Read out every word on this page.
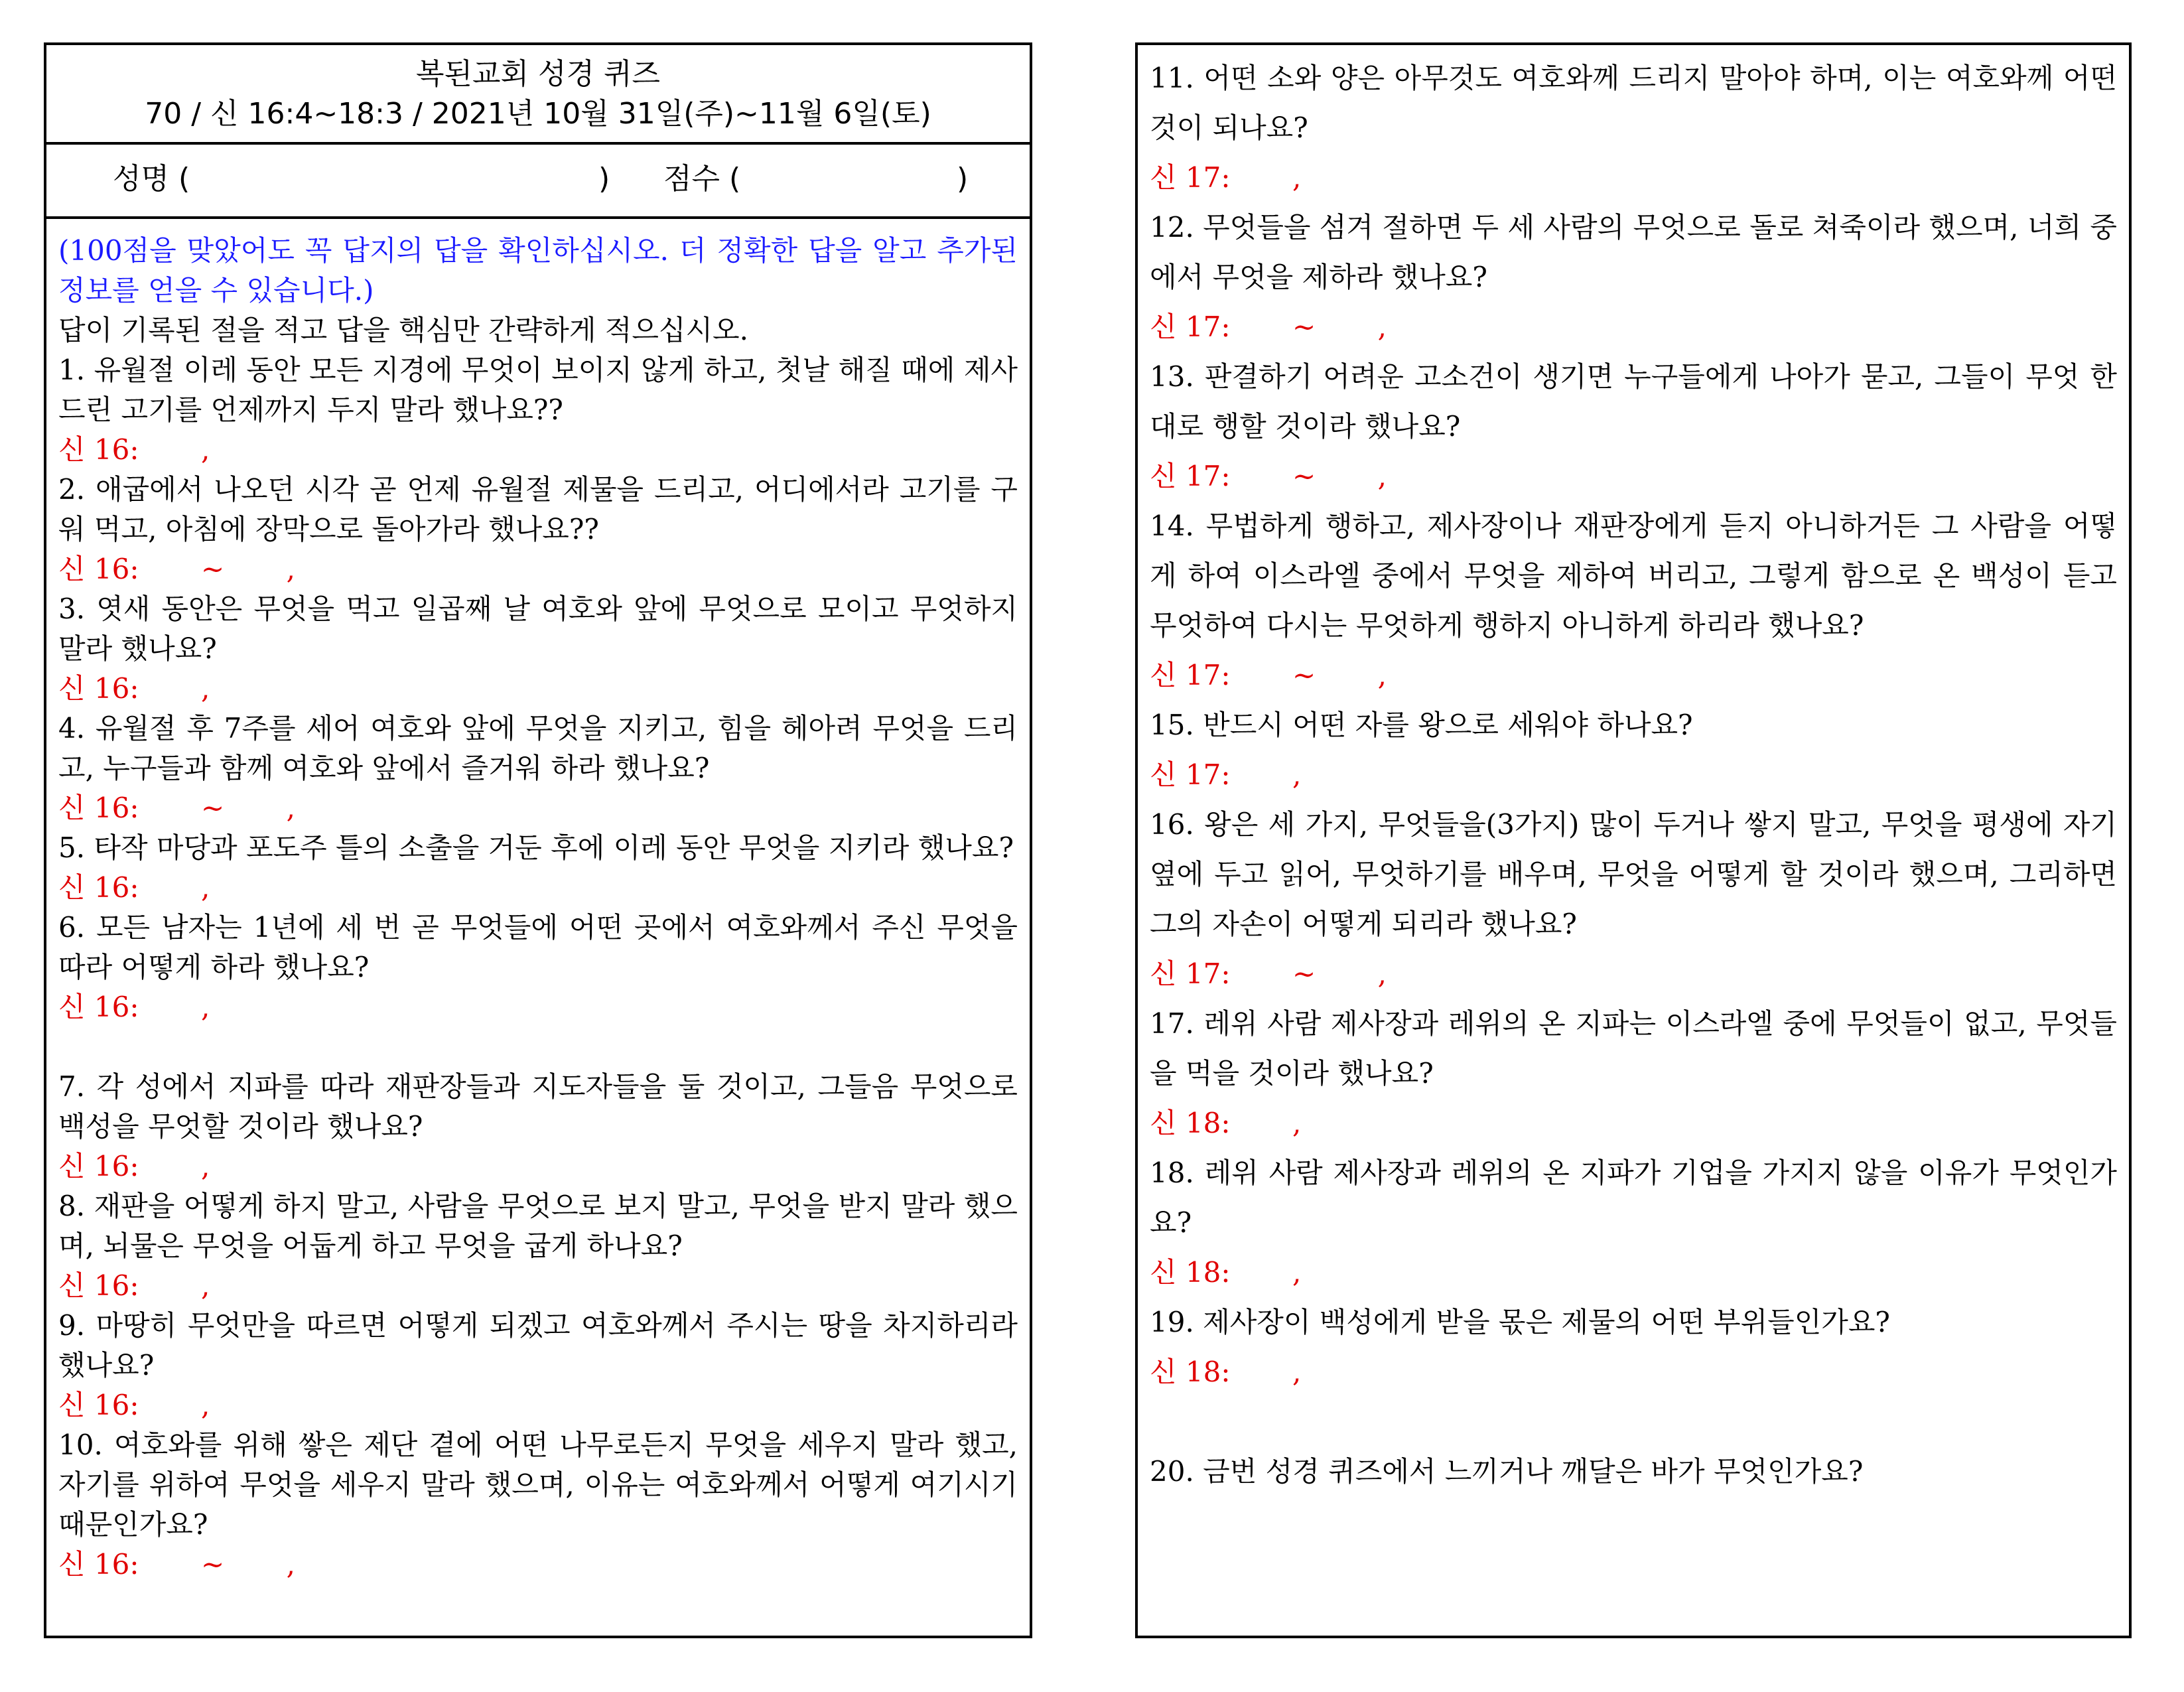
복된교회 성경 퀴즈
70 / 신 16:4~18:3 / 2021년 10월 31일(주)~11월 6일(토)
성명 (	) 점수 (	)
(100점을 맞았어도 꼭 답지의 답을 확인하십시오. 더 정확한 답을 알고 추가된 정보를 얻을 수 있습니다.)
답이 기록된 절을 적고 답을 핵심만 간략하게 적으십시오.
1. 유월절 이레 동안 모든 지경에 무엇이 보이지 않게 하고, 첫날 해질 때에 제사 드린 고기를 언제까지 두지 말라 했나요??
신 16:       ,
2. 애굽에서 나오던 시각 곧 언제 유월절 제물을 드리고, 어디에서라 고기를 구워 먹고, 아침에 장막으로 돌아가라 했나요??
신 16:       ~       ,
3. 엿새 동안은 무엇을 먹고 일곱째 날 여호와 앞에 무엇으로 모이고 무엇하지 말라 했나요?
신 16:       ,
4. 유월절 후 7주를 세어 여호와 앞에 무엇을 지키고, 힘을 헤아려 무엇을 드리고, 누구들과 함께 여호와 앞에서 즐거워 하라 했나요?
신 16:       ~       ,
5. 타작 마당과 포도주 틀의 소출을 거둔 후에 이레 동안 무엇을 지키라 했나요?
신 16:       ,
6. 모든 남자는 1년에 세 번 곧 무엇들에 어떤 곳에서 여호와께서 주신 무엇을 따라 어떻게 하라 했나요?
신 16:       ,
7. 각 성에서 지파를 따라 재판장들과 지도자들을 둘 것이고, 그들음 무엇으로 백성을 무엇할 것이라 했나요?
신 16:       ,
8. 재판을 어떻게 하지 말고, 사람을 무엇으로 보지 말고, 무엇을 받지 말라 했으며, 뇌물은 무엇을 어둡게 하고 무엇을 굽게 하나요?
신 16:       ,
9. 마땅히 무엇만을 따르면 어떻게 되겠고 여호와께서 주시는 땅을 차지하리라 했나요?
신 16:       ,
10. 여호와를 위해 쌓은 제단 곁에 어떤 나무로든지 무엇을 세우지 말라 했고, 자기를 위하여 무엇을 세우지 말라 했으며, 이유는 여호와께서 어떻게 여기시기 때문인가요?
신 16:       ~       ,
11. 어떤 소와 양은 아무것도 여호와께 드리지 말아야 하며, 이는 여호와께 어떤 것이 되나요?
신 17:       ,
12. 무엇들을 섬겨 절하면 두 세 사람의 무엇으로 돌로 쳐죽이라 했으며, 너희 중에서 무엇을 제하라 했나요?
신 17:       ~       ,
13. 판결하기 어려운 고소건이 생기면 누구들에게 나아가 묻고, 그들이 무엇 한 대로 행할 것이라 했나요?
신 17:       ~       ,
14. 무법하게 행하고, 제사장이나 재판장에게 듣지 아니하거든 그 사람을 어떻게 하여 이스라엘 중에서 무엇을 제하여 버리고, 그렇게 함으로 온 백성이 듣고 무엇하여 다시는 무엇하게 행하지 아니하게 하리라 했나요?
신 17:       ~       ,
15. 반드시 어떤 자를 왕으로 세워야 하나요?
신 17:       ,
16. 왕은 세 가지, 무엇들을(3가지) 많이 두거나 쌓지 말고, 무엇을 평생에 자기 옆에 두고 읽어, 무엇하기를 배우며, 무엇을 어떻게 할 것이라 했으며, 그리하면 그의 자손이 어떻게 되리라 했나요?
신 17:       ~       ,
17. 레위 사람 제사장과 레위의 온 지파는 이스라엘 중에 무엇들이 없고, 무엇들을 먹을 것이라 했나요?
신 18:       ,
18. 레위 사람 제사장과 레위의 온 지파가 기업을 가지지 않을 이유가 무엇인가요?
신 18:       ,
19. 제사장이 백성에게 받을 몫은 제물의 어떤 부위들인가요?
신 18:       ,
20. 금번 성경 퀴즈에서 느끼거나 깨달은 바가 무엇인가요?
